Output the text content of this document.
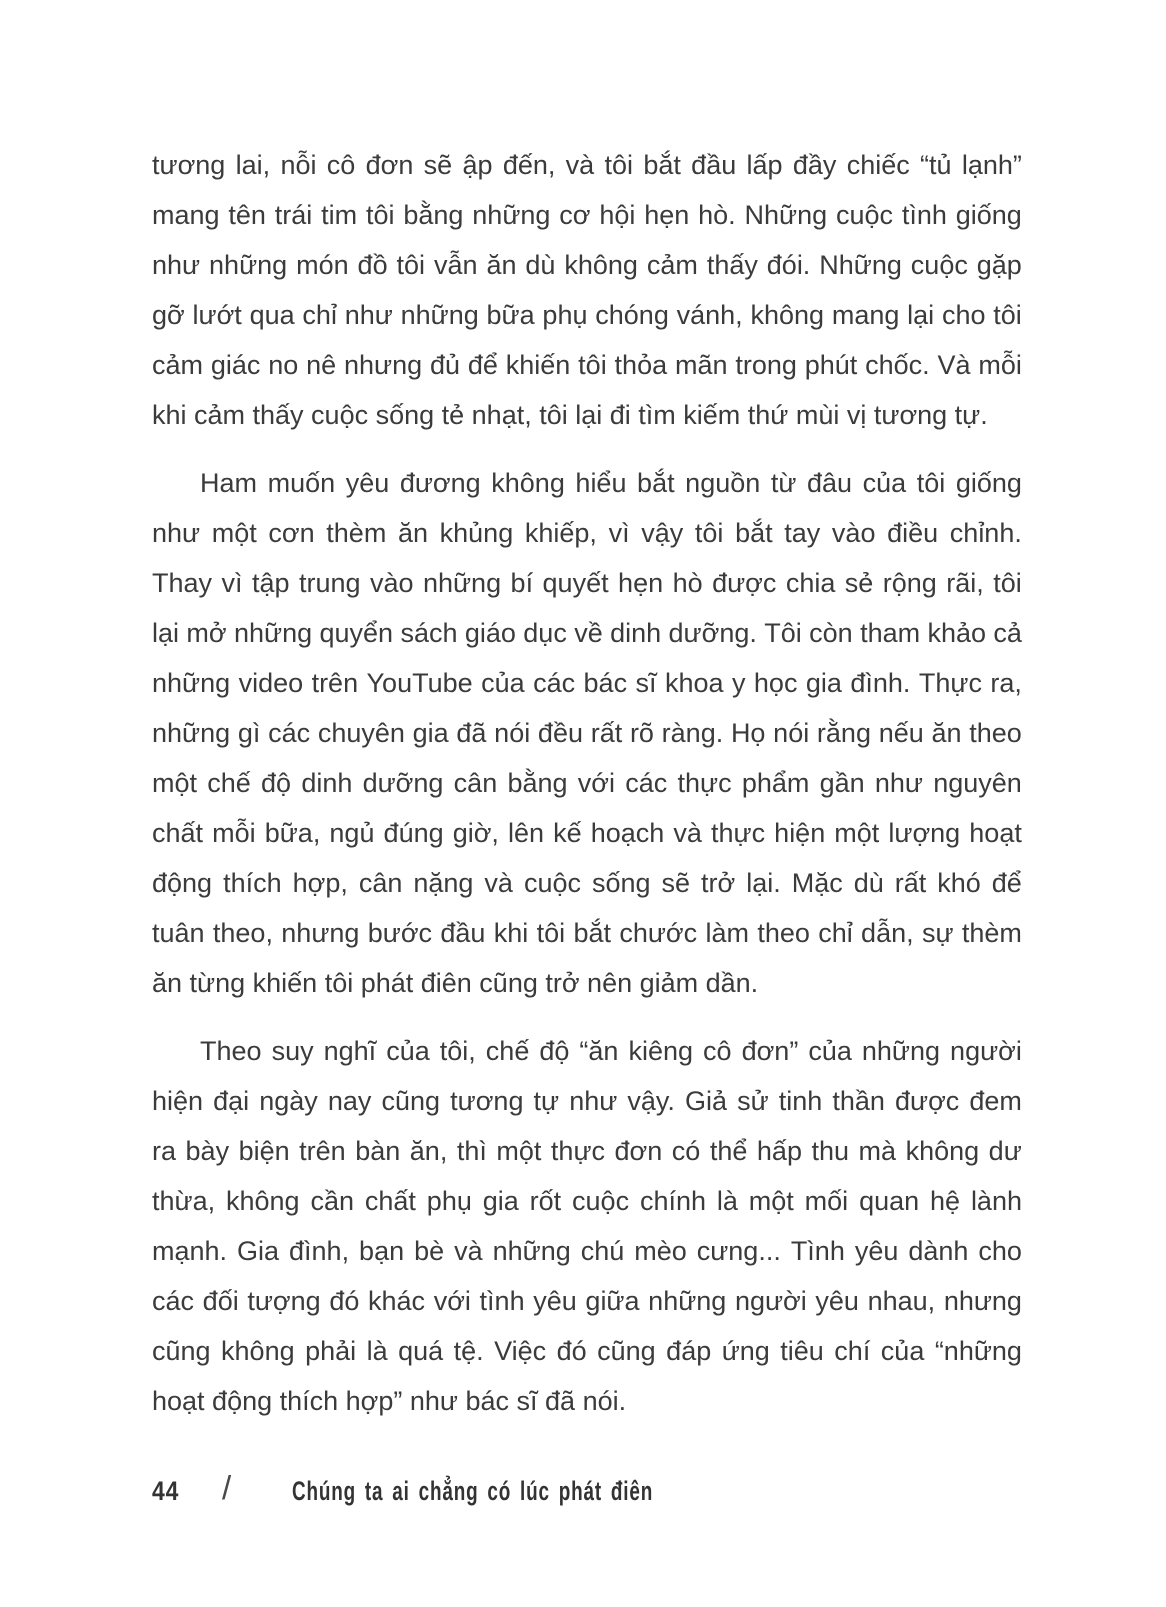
tương lai, nỗi cô đơn sẽ ập đến, và tôi bắt đầu lấp đầy chiếc “tủ lạnh”
mang tên trái tim tôi bằng những cơ hội hẹn hò. Những cuộc tình giống
như những món đồ tôi vẫn ăn dù không cảm thấy đói. Những cuộc gặp
gỡ lướt qua chỉ như những bữa phụ chóng vánh, không mang lại cho tôi
cảm giác no nê nhưng đủ để khiến tôi thỏa mãn trong phút chốc. Và mỗi
khi cảm thấy cuộc sống tẻ nhạt, tôi lại đi tìm kiếm thứ mùi vị tương tự.
Ham muốn yêu đương không hiểu bắt nguồn từ đâu của tôi giống
như một cơn thèm ăn khủng khiếp, vì vậy tôi bắt tay vào điều chỉnh.
Thay vì tập trung vào những bí quyết hẹn hò được chia sẻ rộng rãi, tôi
lại mở những quyển sách giáo dục về dinh dưỡng. Tôi còn tham khảo cả
những video trên YouTube của các bác sĩ khoa y học gia đình. Thực ra,
những gì các chuyên gia đã nói đều rất rõ ràng. Họ nói rằng nếu ăn theo
một chế độ dinh dưỡng cân bằng với các thực phẩm gần như nguyên
chất mỗi bữa, ngủ đúng giờ, lên kế hoạch và thực hiện một lượng hoạt
động thích hợp, cân nặng và cuộc sống sẽ trở lại. Mặc dù rất khó để
tuân theo, nhưng bước đầu khi tôi bắt chước làm theo chỉ dẫn, sự thèm
ăn từng khiến tôi phát điên cũng trở nên giảm dần.
Theo suy nghĩ của tôi, chế độ “ăn kiêng cô đơn” của những người
hiện đại ngày nay cũng tương tự như vậy. Giả sử tinh thần được đem
ra bày biện trên bàn ăn, thì một thực đơn có thể hấp thu mà không dư
thừa, không cần chất phụ gia rốt cuộc chính là một mối quan hệ lành
mạnh. Gia đình, bạn bè và những chú mèo cưng... Tình yêu dành cho
các đối tượng đó khác với tình yêu giữa những người yêu nhau, nhưng
cũng không phải là quá tệ. Việc đó cũng đáp ứng tiêu chí của “những
hoạt động thích hợp” như bác sĩ đã nói.
44 / Chúng ta ai chẳng có lúc phát điên
